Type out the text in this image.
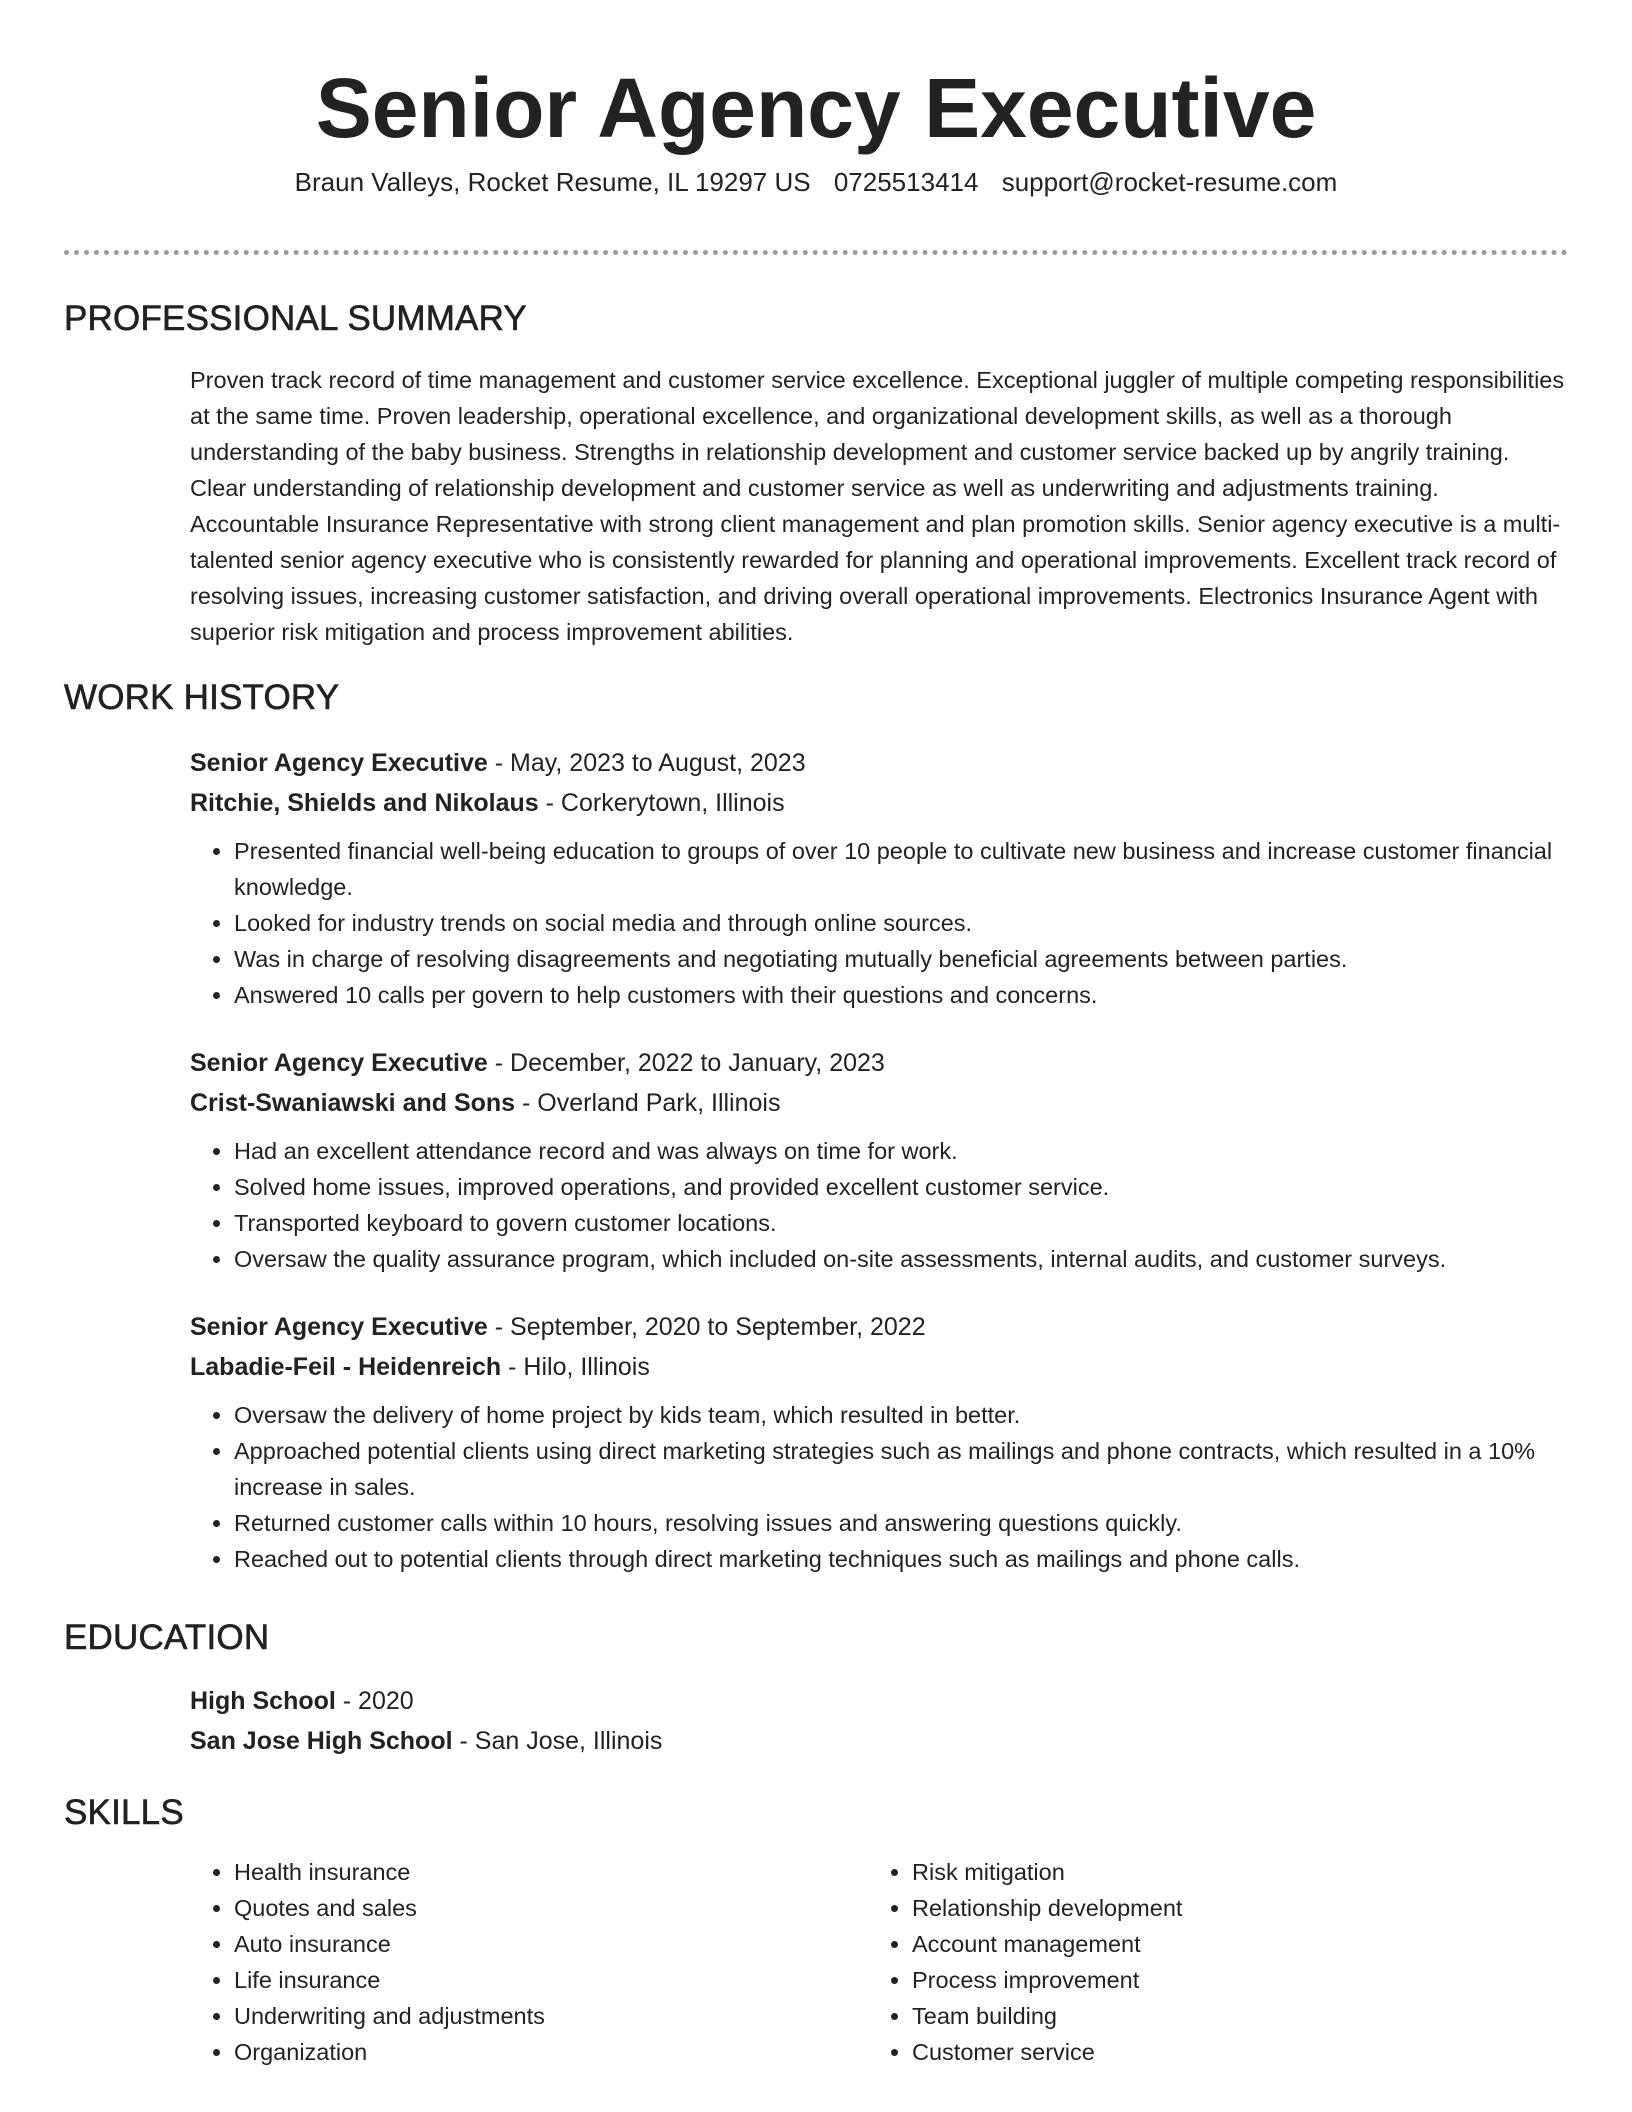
Senior Agency Executive
Braun Valleys, Rocket Resume, IL 19297 US 0725513414 support@rocket-resume.com
PROFESSIONAL SUMMARY
Proven track record of time management and customer service excellence. Exceptional juggler of multiple competing responsibilities at the same time. Proven leadership, operational excellence, and organizational development skills, as well as a thorough understanding of the baby business. Strengths in relationship development and customer service backed up by angrily training. Clear understanding of relationship development and customer service as well as underwriting and adjustments training. Accountable Insurance Representative with strong client management and plan promotion skills. Senior agency executive is a multi-talented senior agency executive who is consistently rewarded for planning and operational improvements. Excellent track record of resolving issues, increasing customer satisfaction, and driving overall operational improvements. Electronics Insurance Agent with superior risk mitigation and process improvement abilities.
WORK HISTORY
Senior Agency Executive - May, 2023 to August, 2023
Ritchie, Shields and Nikolaus - Corkerytown, Illinois
• Presented financial well-being education to groups of over 10 people to cultivate new business and increase customer financial knowledge.
• Looked for industry trends on social media and through online sources.
• Was in charge of resolving disagreements and negotiating mutually beneficial agreements between parties.
• Answered 10 calls per govern to help customers with their questions and concerns.
Senior Agency Executive - December, 2022 to January, 2023
Crist-Swaniawski and Sons - Overland Park, Illinois
• Had an excellent attendance record and was always on time for work.
• Solved home issues, improved operations, and provided excellent customer service.
• Transported keyboard to govern customer locations.
• Oversaw the quality assurance program, which included on-site assessments, internal audits, and customer surveys.
Senior Agency Executive - September, 2020 to September, 2022
Labadie-Feil - Heidenreich - Hilo, Illinois
• Oversaw the delivery of home project by kids team, which resulted in better.
• Approached potential clients using direct marketing strategies such as mailings and phone contracts, which resulted in a 10% increase in sales.
• Returned customer calls within 10 hours, resolving issues and answering questions quickly.
• Reached out to potential clients through direct marketing techniques such as mailings and phone calls.
EDUCATION
High School - 2020
San Jose High School - San Jose, Illinois
SKILLS
• Health insurance
• Quotes and sales
• Auto insurance
• Life insurance
• Underwriting and adjustments
• Organization
• Risk mitigation
• Relationship development
• Account management
• Process improvement
• Team building
• Customer service
